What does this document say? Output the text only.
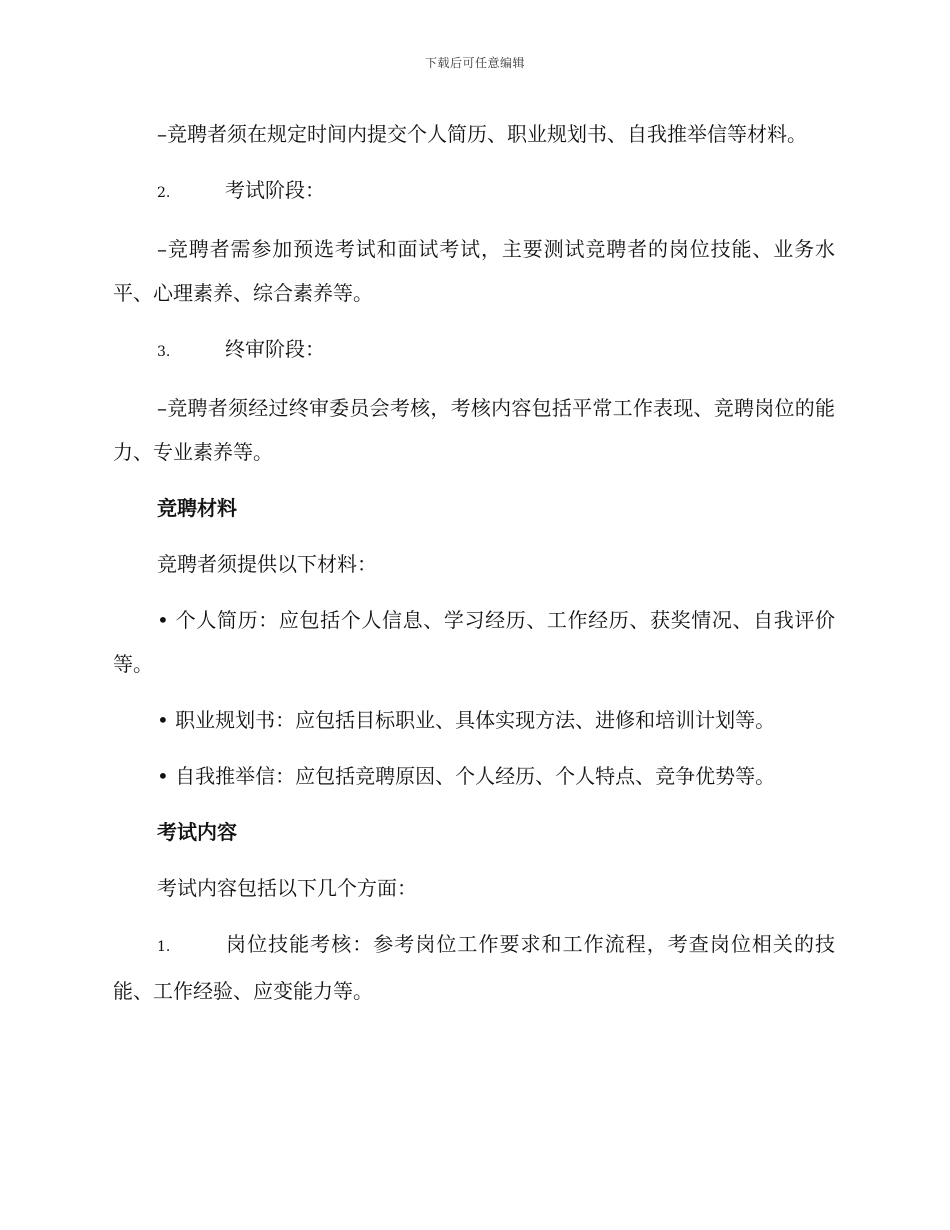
下载后可任意编辑

–竞聘者须在规定时间内提交个人简历、职业规划书、自我推举信等材料。

2.	考试阶段：

–竞聘者需参加预选考试和面试考试，主要测试竞聘者的岗位技能、业务水平、心理素养、综合素养等。

3.	终审阶段：

–竞聘者须经过终审委员会考核，考核内容包括平常工作表现、竞聘岗位的能力、专业素养等。

竞聘材料

竞聘者须提供以下材料：

• 个人简历：应包括个人信息、学习经历、工作经历、获奖情况、自我评价等。

• 职业规划书：应包括目标职业、具体实现方法、进修和培训计划等。

• 自我推举信：应包括竞聘原因、个人经历、个人特点、竞争优势等。

考试内容

考试内容包括以下几个方面：

1.	岗位技能考核：参考岗位工作要求和工作流程，考查岗位相关的技能、工作经验、应变能力等。
